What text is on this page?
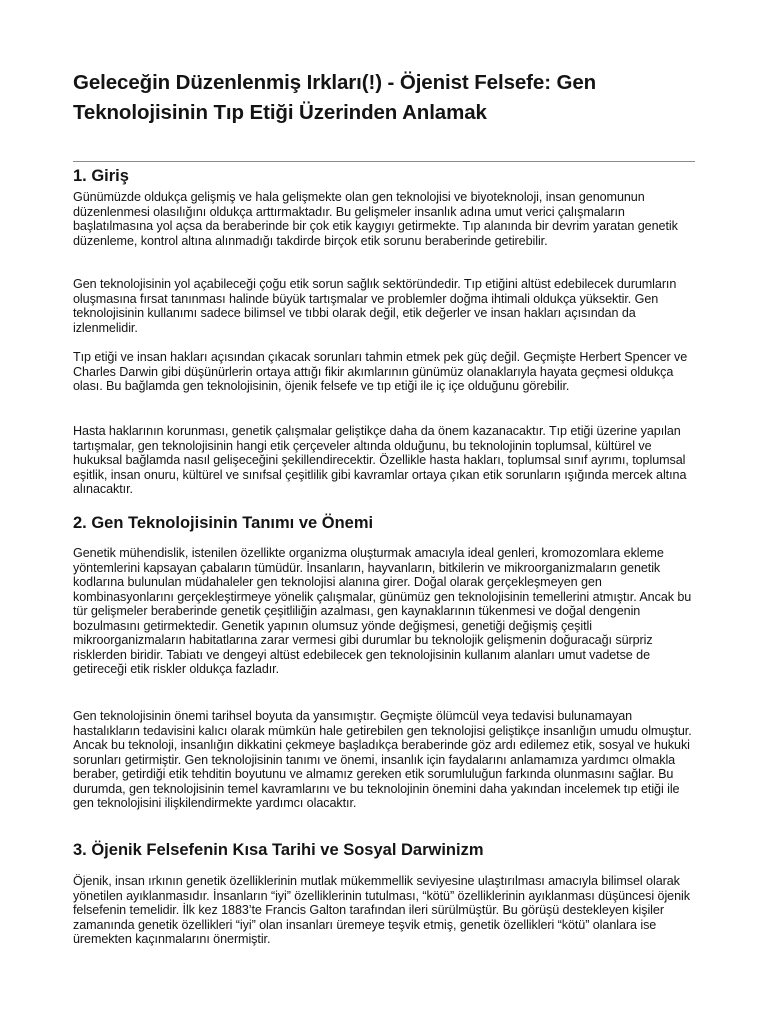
Geleceğin Düzenlenmiş Irkları(!) - Öjenist Felsefe: Gen Teknolojisinin Tıp Etiği Üzerinden Anlamak
1. Giriş

Günümüzde oldukça gelişmiş ve hala gelişmekte olan gen teknolojisi ve biyoteknoloji, insan genomunun düzenlenmesi olasılığını oldukça arttırmaktadır. Bu gelişmeler insanlık adına umut verici çalışmaların başlatılmasına yol açsa da beraberinde bir çok etik kaygıyı getirmekte. Tıp alanında bir devrim yaratan genetik düzenleme, kontrol altına alınmadığı takdirde birçok etik sorunu beraberinde getirebilir.

Gen teknolojisinin yol açabileceği çoğu etik sorun sağlık sektöründedir. Tıp etiğini altüst edebilecek durumların oluşmasına fırsat tanınması halinde büyük tartışmalar ve problemler doğma ihtimali oldukça yüksektir. Gen teknolojisinin kullanımı sadece bilimsel ve tıbbi olarak değil, etik değerler ve insan hakları açısından da izlenmelidir.

Tıp etiği ve insan hakları açısından çıkacak sorunları tahmin etmek pek güç değil. Geçmişte Herbert Spencer ve Charles Darwin gibi düşünürlerin ortaya attığı fikir akımlarının günümüz olanaklarıyla hayata geçmesi oldukça olası. Bu bağlamda gen teknolojisinin, öjenik felsefe ve tıp etiği ile iç içe olduğunu görebilir.

Hasta haklarının korunması, genetik çalışmalar geliştikçe daha da önem kazanacaktır. Tıp etiği üzerine yapılan tartışmalar, gen teknolojisinin hangi etik çerçeveler altında olduğunu, bu teknolojinin toplumsal, kültürel ve hukuksal bağlamda nasıl gelişeceğini şekillendirecektir. Özellikle hasta hakları, toplumsal sınıf ayrımı, toplumsal eşitlik, insan onuru, kültürel ve sınıfsal çeşitlilik gibi kavramlar ortaya çıkan etik sorunların ışığında mercek altına alınacaktır.

2. Gen Teknolojisinin Tanımı ve Önemi

Genetik mühendislik, istenilen özellikte organizma oluşturmak amacıyla ideal genleri, kromozomlara ekleme yöntemlerini kapsayan çabaların tümüdür. İnsanların, hayvanların, bitkilerin ve mikroorganizmaların genetik kodlarına bulunulan müdahaleler gen teknolojisi alanına girer. Doğal olarak gerçekleşmeyen gen kombinasyonlarını gerçekleştirmeye yönelik çalışmalar, günümüz gen teknolojisinin temellerini atmıştır. Ancak bu tür gelişmeler beraberinde genetik çeşitliliğin azalması, gen kaynaklarının tükenmesi ve doğal dengenin bozulmasını getirmektedir. Genetik yapının olumsuz yönde değişmesi, genetiği değişmiş çeşitli mikroorganizmaların habitatlarına zarar vermesi gibi durumlar bu teknolojik gelişmenin doğuracağı sürpriz risklerden biridir. Tabiatı ve dengeyi altüst edebilecek gen teknolojisinin kullanım alanları umut vadetse de getireceği etik riskler oldukça fazladır.

Gen teknolojisinin önemi tarihsel boyuta da yansımıştır. Geçmişte ölümcül veya tedavisi bulunamayan hastalıkların tedavisini kalıcı olarak mümkün hale getirebilen gen teknolojisi geliştikçe insanlığın umudu olmuştur. Ancak bu teknoloji, insanlığın dikkatini çekmeye başladıkça beraberinde göz ardı edilemez etik, sosyal ve hukuki sorunları getirmiştir. Gen teknolojisinin tanımı ve önemi, insanlık için faydalarını anlamamıza yardımcı olmakla beraber, getirdiği etik tehditin boyutunu ve almamız gereken etik sorumluluğun farkında olunmasını sağlar. Bu durumda, gen teknolojisinin temel kavramlarını ve bu teknolojinin önemini daha yakından incelemek tıp etiği ile gen teknolojisini ilişkilendirmekte yardımcı olacaktır.

3. Öjenik Felsefenin Kısa Tarihi ve Sosyal Darwinizm

Öjenik, insan ırkının genetik özelliklerinin mutlak mükemmellik seviyesine ulaştırılması amacıyla bilimsel olarak yönetilen ayıklanmasıdır. İnsanların “iyi” özelliklerinin tutulması, “kötü” özelliklerinin ayıklanması düşüncesi öjenik felsefenin temelidir. İlk kez 1883’te Francis Galton tarafından ileri sürülmüştür. Bu görüşü destekleyen kişiler zamanında genetik özellikleri “iyi” olan insanları üremeye teşvik etmiş, genetik özellikleri “kötü” olanlara ise üremekten kaçınmalarını önermiştir.
